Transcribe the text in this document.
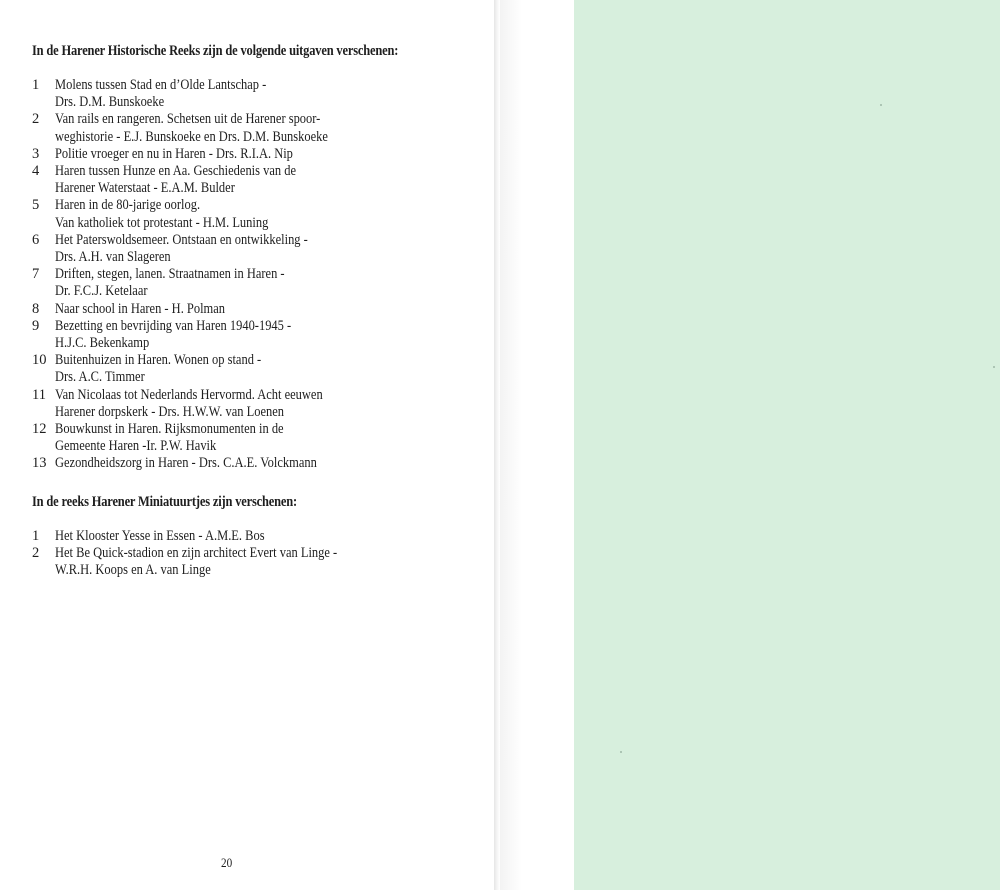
In de Harener Historische Reeks zijn de volgende uitgaven verschenen:
1	Molens tussen Stad en d’Olde Lantschap -
Drs. D.M. Bunskoeke
2	Van rails en rangeren. Schetsen uit de Harener spoor-
weghistorie - E.J. Bunskoeke en Drs. D.M. Bunskoeke
3	Politie vroeger en nu in Haren - Drs. R.I.A. Nip
4	Haren tussen Hunze en Aa. Geschiedenis van de
Harener Waterstaat - E.A.M. Bulder
5	Haren in de 80-jarige oorlog.
Van katholiek tot protestant - H.M. Luning
6	Het Paterswoldsemeer. Ontstaan en ontwikkeling -
Drs. A.H. van Slageren
7	Driften, stegen, lanen. Straatnamen in Haren -
Dr. F.C.J. Ketelaar
8	Naar school in Haren - H. Polman
9	Bezetting en bevrijding van Haren 1940-1945 -
H.J.C. Bekenkamp
10 Buitenhuizen in Haren. Wonen op stand -
Drs. A.C. Timmer
11 Van Nicolaas tot Nederlands Hervormd. Acht eeuwen
Harener dorpskerk - Drs. H.W.W. van Loenen
12 Bouwkunst in Haren. Rijksmonumenten in de
Gemeente Haren -Ir. P.W. Havik
13 Gezondheidszorg in Haren - Drs. C.A.E. Volckmann
In de reeks Harener Miniatuurtjes zijn verschenen:
1	Het Klooster Yesse in Essen - A.M.E. Bos
2	Het Be Quick-stadion en zijn architect Evert van Linge -
W.R.H. Koops en A. van Linge
20
